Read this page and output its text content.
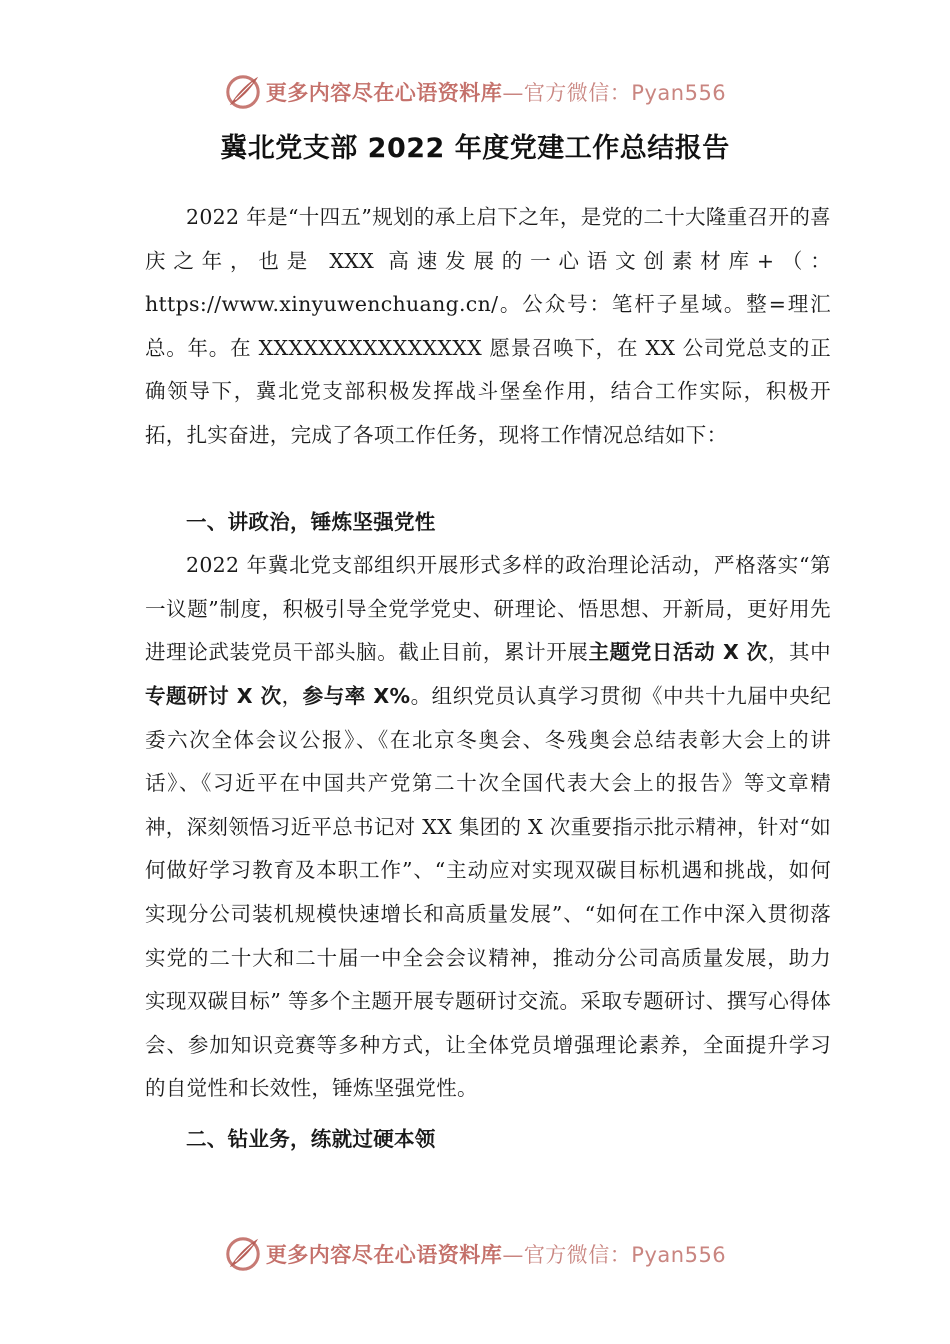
更多内容尽在心语资料库—官方微信：Pyan556
冀北党支部 2022 年度党建工作总结报告

2022 年是“十四五”规划的承上启下之年，是党的二十大隆重召开的喜庆之年，也是 XXX 高速发展的一心语文创素材库+（：https://www.xinyuwenchuang.cn/。公众号：笔杆子星域。整=理汇总。年。在 XXXXXXXXXXXXXXX 愿景召唤下，在 XX 公司党总支的正确领导下，冀北党支部积极发挥战斗堡垒作用，结合工作实际，积极开拓，扎实奋进，完成了各项工作任务，现将工作情况总结如下：

一、讲政治，锤炼坚强党性

2022 年冀北党支部组织开展形式多样的政治理论活动，严格落实“第一议题”制度，积极引导全党学党史、研理论、悟思想、开新局，更好用先进理论武装党员干部头脑。截止目前，累计开展主题党日活动 X 次，其中专题研讨 X 次，参与率 X%。组织党员认真学习贯彻《中共十九届中央纪委六次全体会议公报》、《在北京冬奥会、冬残奥会总结表彰大会上的讲话》、《习近平在中国共产党第二十次全国代表大会上的报告》等文章精神，深刻领悟习近平总书记对 XX 集团的 X 次重要指示批示精神，针对“如何做好学习教育及本职工作”、“主动应对实现双碳目标机遇和挑战，如何实现分公司装机规模快速增长和高质量发展”、“如何在工作中深入贯彻落实党的二十大和二十届一中全会会议精神，推动分公司高质量发展，助力实现双碳目标” 等多个主题开展专题研讨交流。采取专题研讨、撰写心得体会、参加知识竞赛等多种方式，让全体党员增强理论素养，全面提升学习的自觉性和长效性，锤炼坚强党性。

二、钻业务，练就过硬本领
更多内容尽在心语资料库—官方微信：Pyan556
